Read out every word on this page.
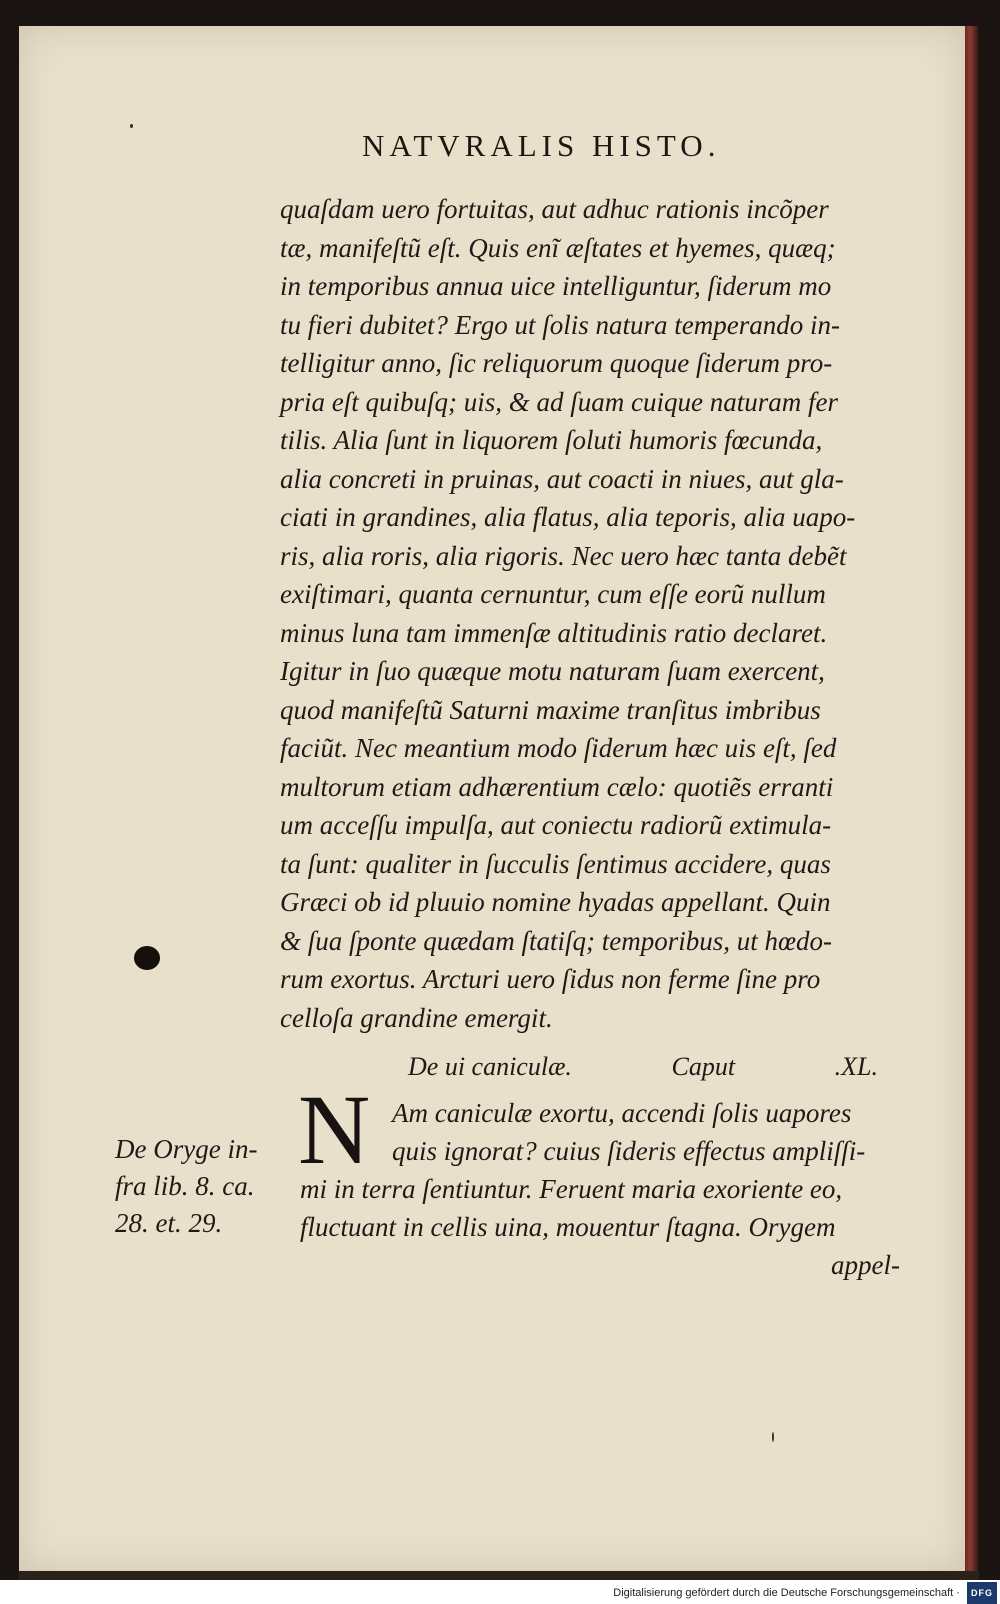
NATVRALIS HISTO.
quaſdam uero fortuitas, aut adhuc rationis incõper
tæ, manifeſtũ eſt. Quis enĩ æſtates et hyemes, quæq;
in temporibus annua uice intelliguntur, ſiderum mo
tu fieri dubitet? Ergo ut ſolis natura temperando in-
telligitur anno, ſic reliquorum quoque ſiderum pro-
pria eſt quibuſq; uis, & ad ſuam cuique naturam fer
tilis. Alia ſunt in liquorem ſoluti humoris fœcunda,
alia concreti in pruinas, aut coacti in niues, aut gla-
ciati in grandines, alia flatus, alia teporis, alia uapo-
ris, alia roris, alia rigoris. Nec uero hæc tanta debẽt
exiſtimari, quanta cernuntur, cum eſſe eorũ nullum
minus luna tam immenſæ altitudinis ratio declaret.
Igitur in ſuo quæque motu naturam ſuam exercent,
quod manifeſtũ Saturni maxime tranſitus imbribus
faciũt. Nec meantium modo ſiderum hæc uis eſt, ſed
multorum etiam adhærentium cælo: quotiẽs erranti
um acceſſu impulſa, aut coniectu radiorũ extimula-
ta ſunt: qualiter in ſucculis ſentimus accidere, quas
Græci ob id pluuio nomine hyadas appellant. Quin
& ſua ſponte quædam ſtatiſq; temporibus, ut hœdo-
rum exortus. Arcturi uero ſidus non ferme ſine pro
celloſa grandine emergit.
De ui caniculæ.	Caput	.XL.
N Am caniculæ exortu, accendi ſolis uapores
quis ignorat? cuius ſideris effectus ampliſſi-
mi in terra ſentiuntur. Feruent maria exoriente eo,
fluctuant in cellis uina, mouentur ſtagna. Orygem
appel-
De Oryge in-
fra lib. 8. ca.
28. et. 29.
Digitalisierung gefördert durch die Deutsche Forschungsgemeinschaft · DFG
